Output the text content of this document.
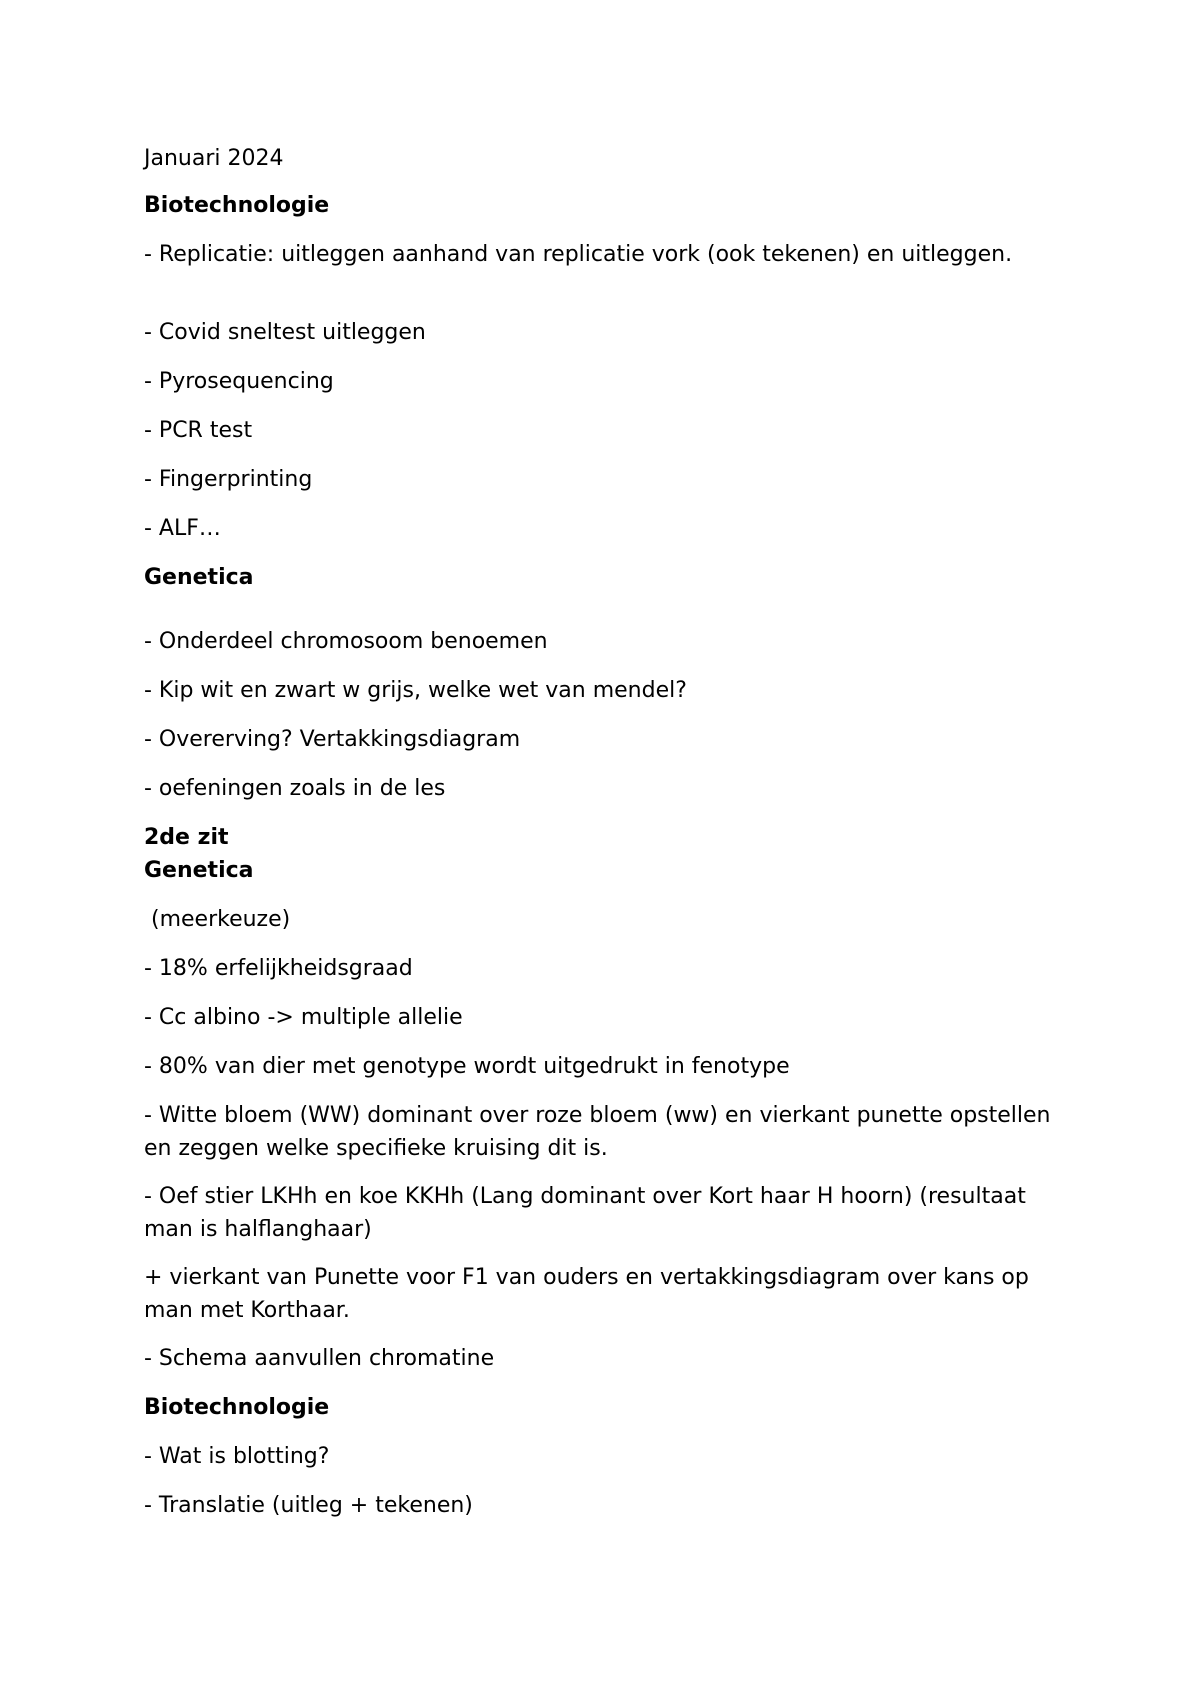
Januari 2024

Biotechnologie

- Replicatie: uitleggen aanhand van replicatie vork (ook tekenen) en uitleggen.

- Covid sneltest uitleggen

- Pyrosequencing

- PCR test

- Fingerprinting

- ALF…

Genetica

- Onderdeel chromosoom benoemen

- Kip wit en zwart w grijs, welke wet van mendel?

- Overerving? Vertakkingsdiagram

- oefeningen zoals in de les

2de zit

Genetica

(meerkeuze)

- 18% erfelijkheidsgraad

- Cc albino -> multiple allelie

- 80% van dier met genotype wordt uitgedrukt in fenotype

- Witte bloem (WW) dominant over roze bloem (ww) en vierkant punette opstellen en zeggen welke specifieke kruising dit is.

- Oef stier LKHh en koe KKHh (Lang dominant over Kort haar H hoorn) (resultaat man is halflanghaar)

+ vierkant van Punette voor F1 van ouders en vertakkingsdiagram over kans op man met Korthaar.

- Schema aanvullen chromatine

Biotechnologie

- Wat is blotting?

- Translatie (uitleg + tekenen)
